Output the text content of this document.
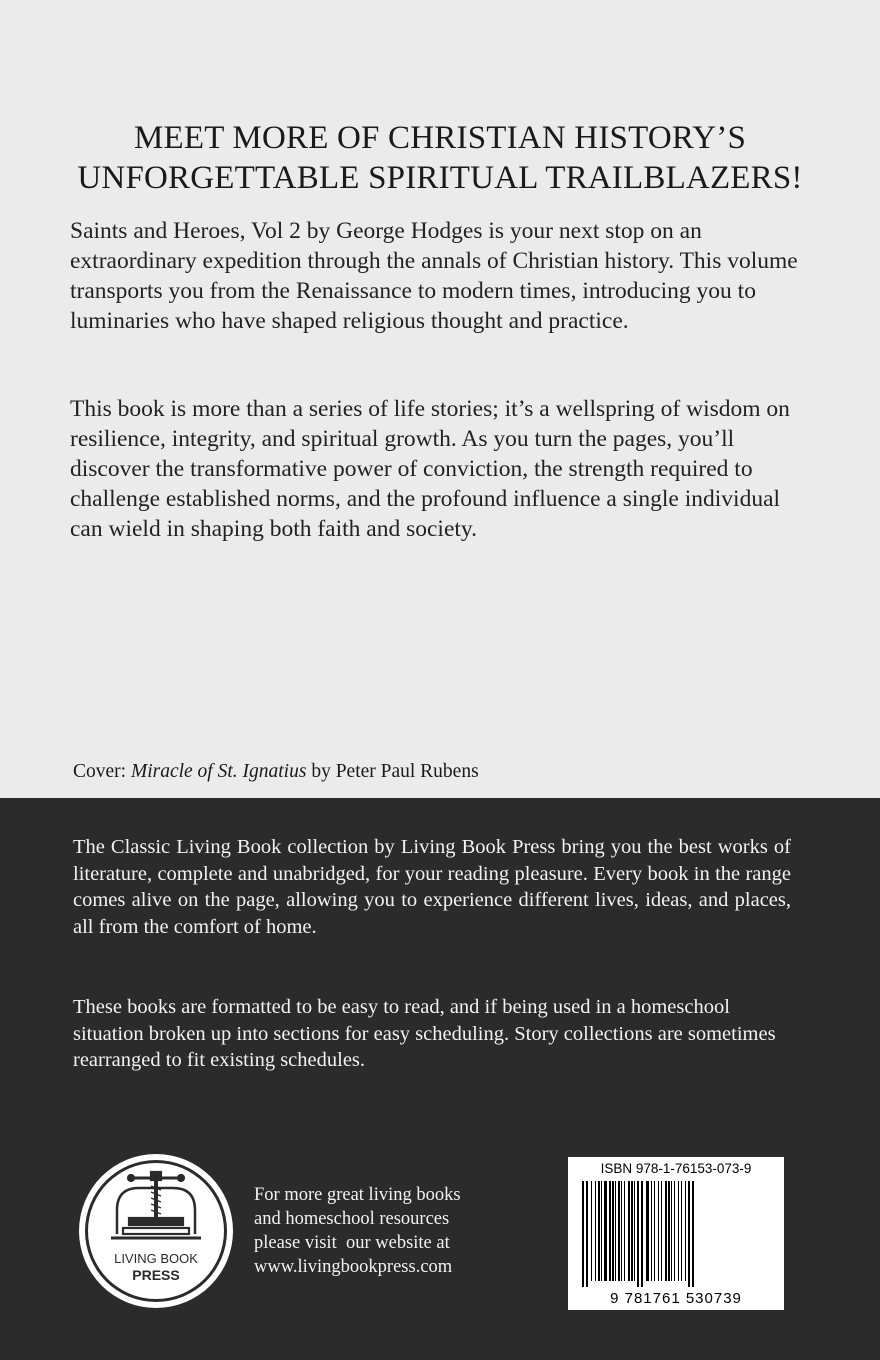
MEET MORE OF CHRISTIAN HISTORY’S
UNFORGETTABLE SPIRITUAL TRAILBLAZERS!
Saints and Heroes, Vol 2 by George Hodges is your next stop on an extraordinary expedition through the annals of Christian history. This volume transports you from the Renaissance to modern times, introducing you to luminaries who have shaped religious thought and practice.
This book is more than a series of life stories; it’s a wellspring of wisdom on resilience, integrity, and spiritual growth. As you turn the pages, you’ll discover the transformative power of conviction, the strength required to challenge established norms, and the profound influence a single individual can wield in shaping both faith and society.
Cover: Miracle of St. Ignatius by Peter Paul Rubens
The Classic Living Book collection by Living Book Press bring you the best works of literature, complete and unabridged, for your reading pleasure. Every book in the range comes alive on the page, allowing you to experience different lives, ideas, and places, all from the comfort of home.
These books are formatted to be easy to read, and if being used in a homeschool situation broken up into sections for easy scheduling. Story collections are sometimes rearranged to fit existing schedules.
LIVING BOOK
PRESS
For more great living books
and homeschool resources
please visit  our website at
www.livingbookpress.com
ISBN 978-1-76153-073-9
9 781761 530739
